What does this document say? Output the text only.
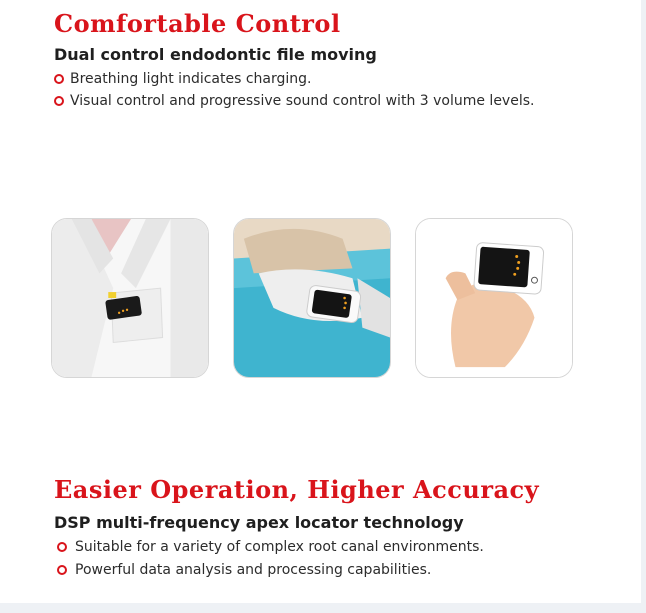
Comfortable Control
Dual control endodontic file moving
Breathing light indicates charging.
Visual control and progressive sound control with 3 volume levels.
Easier Operation, Higher Accuracy
DSP multi-frequency apex locator technology
Suitable for a variety of complex root canal environments.
Powerful data analysis and processing capabilities.
